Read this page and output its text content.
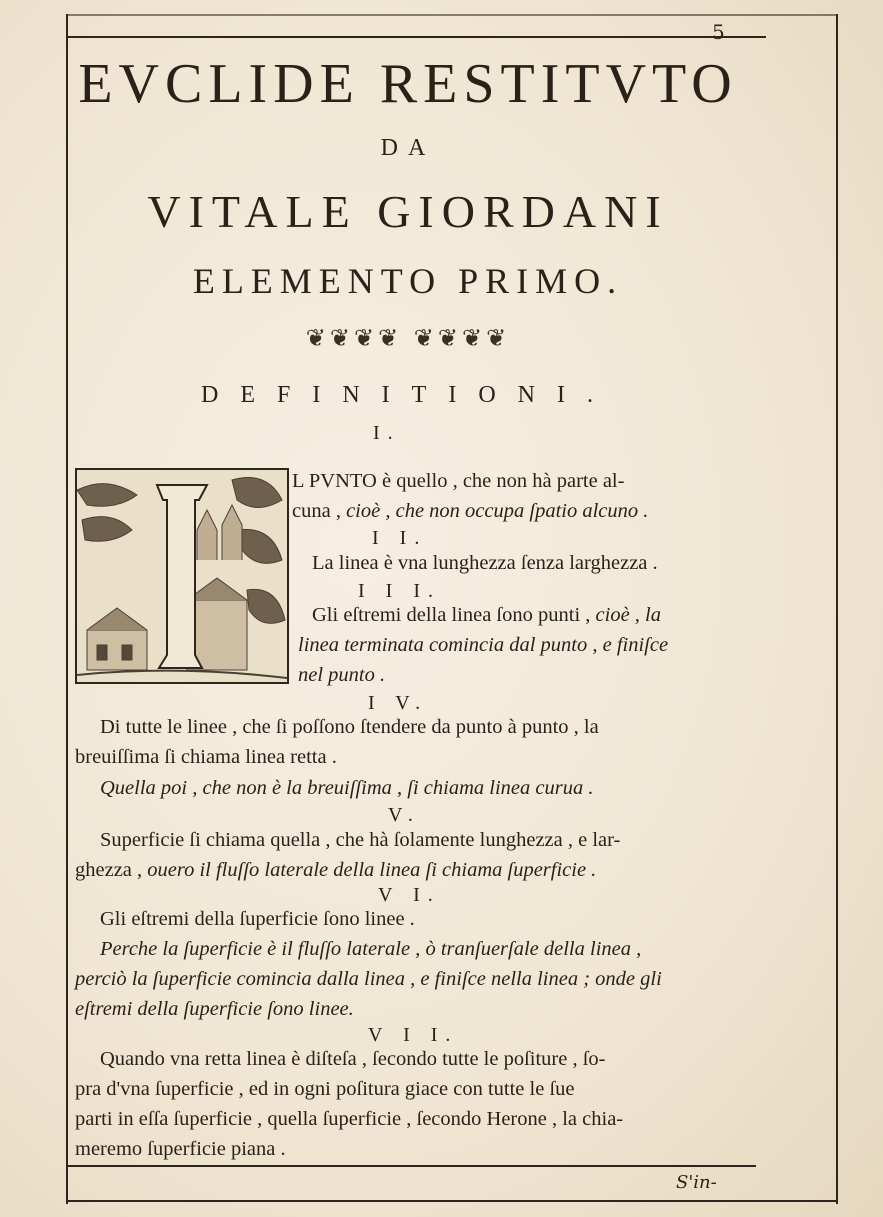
5
EVCLIDE RESTITVTO
DA
VITALE GIORDANI
ELEMENTO PRIMO.
❦❦❦❦ ❦❦❦❦
DEFINITIONI.
I.
L PVNTO è quello , che non hà parte al-
cuna , cioè , che non occupa ſpatio alcuno .
I I.
La linea è vna lunghezza ſenza larghezza .
I I I.
Gli eſtremi della linea ſono punti , cioè , la
linea terminata comincia dal punto , e finiſce
nel punto .
I V.
Di tutte le linee , che ſi poſſono ſtendere da punto à punto , la
breuiſſima ſi chiama linea retta .
Quella poi , che non è la breuiſſima , ſi chiama linea curua .
V.
Superficie ſi chiama quella , che hà ſolamente lunghezza , e lar-
ghezza , ouero il fluſſo laterale della linea ſi chiama ſuperficie .
V I.
Gli eſtremi della ſuperficie ſono linee .
Perche la ſuperficie è il fluſſo laterale , ò tranſuerſale della linea ,
perciò la ſuperficie comincia dalla linea , e finiſce nella linea ; onde gli
eſtremi della ſuperficie ſono linee.
V I I.
Quando vna retta linea è diſteſa , ſecondo tutte le poſiture , ſo-
pra d'vna ſuperficie , ed in ogni poſitura giace con tutte le ſue
parti in eſſa ſuperficie , quella ſuperficie , ſecondo Herone , la chia-
meremo ſuperficie piana .
S'in-
